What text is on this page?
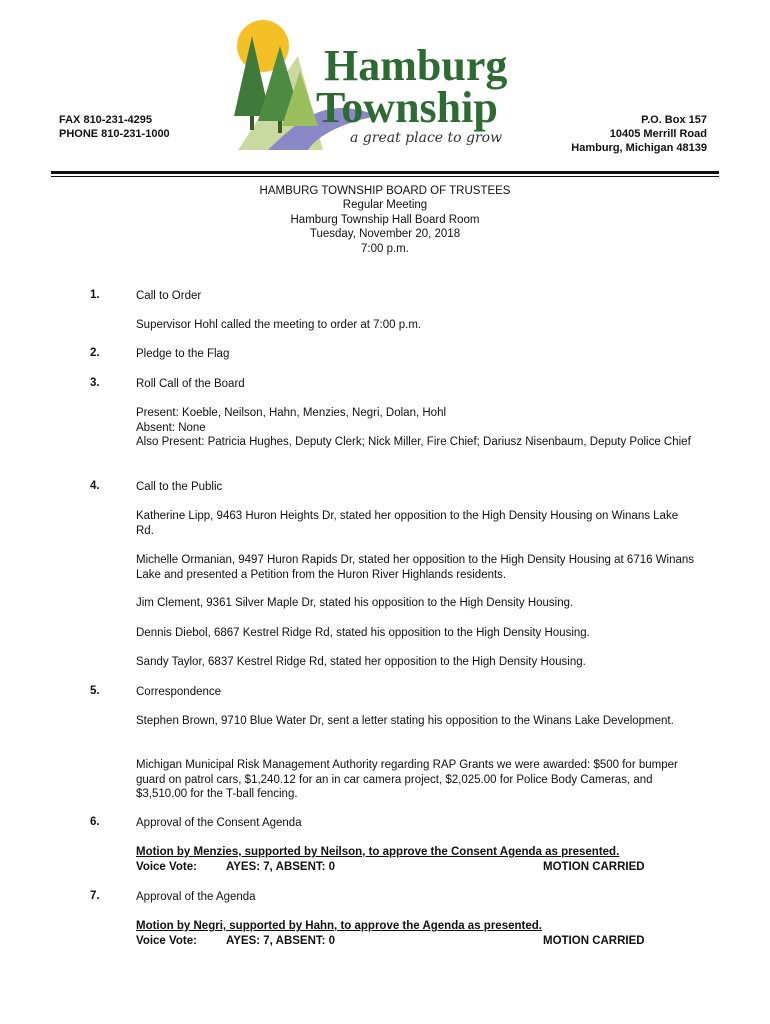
FAX 810-231-4295
PHONE 810-231-1000
P.O. Box 157
10405 Merrill Road
Hamburg, Michigan 48139
Hamburg
Township
a great place to grow
HAMBURG TOWNSHIP BOARD OF TRUSTEES
Regular Meeting
Hamburg Township Hall Board Room
Tuesday, November 20, 2018
7:00 p.m.
1.	Call to Order
Supervisor Hohl called the meeting to order at 7:00 p.m.
2.	Pledge to the Flag
3.	Roll Call of the Board
Present: Koeble, Neilson, Hahn, Menzies, Negri, Dolan, Hohl
Absent: None
Also Present: Patricia Hughes, Deputy Clerk; Nick Miller, Fire Chief; Dariusz Nisenbaum, Deputy Police Chief
4.	Call to the Public
Katherine Lipp, 9463 Huron Heights Dr, stated her opposition to the High Density Housing on Winans Lake Rd.
Michelle Ormanian, 9497 Huron Rapids Dr, stated her opposition to the High Density Housing at 6716 Winans Lake and presented a Petition from the Huron River Highlands residents.
Jim Clement, 9361 Silver Maple Dr, stated his opposition to the High Density Housing.
Dennis Diebol, 6867 Kestrel Ridge Rd, stated his opposition to the High Density Housing.
Sandy Taylor, 6837 Kestrel Ridge Rd, stated her opposition to the High Density Housing.
5.	Correspondence
Stephen Brown, 9710 Blue Water Dr, sent a letter stating his opposition to the Winans Lake Development.
Michigan Municipal Risk Management Authority regarding RAP Grants we were awarded: $500 for bumper guard on patrol cars, $1,240.12 for an in car camera project, $2,025.00 for Police Body Cameras, and $3,510.00 for the T-ball fencing.
6.	Approval of the Consent Agenda
Motion by Menzies, supported by Neilson, to approve the Consent Agenda as presented.
Voice Vote:	AYES: 7, ABSENT: 0	MOTION CARRIED
7.	Approval of the Agenda
Motion by Negri, supported by Hahn, to approve the Agenda as presented.
Voice Vote:	AYES: 7, ABSENT: 0	MOTION CARRIED
